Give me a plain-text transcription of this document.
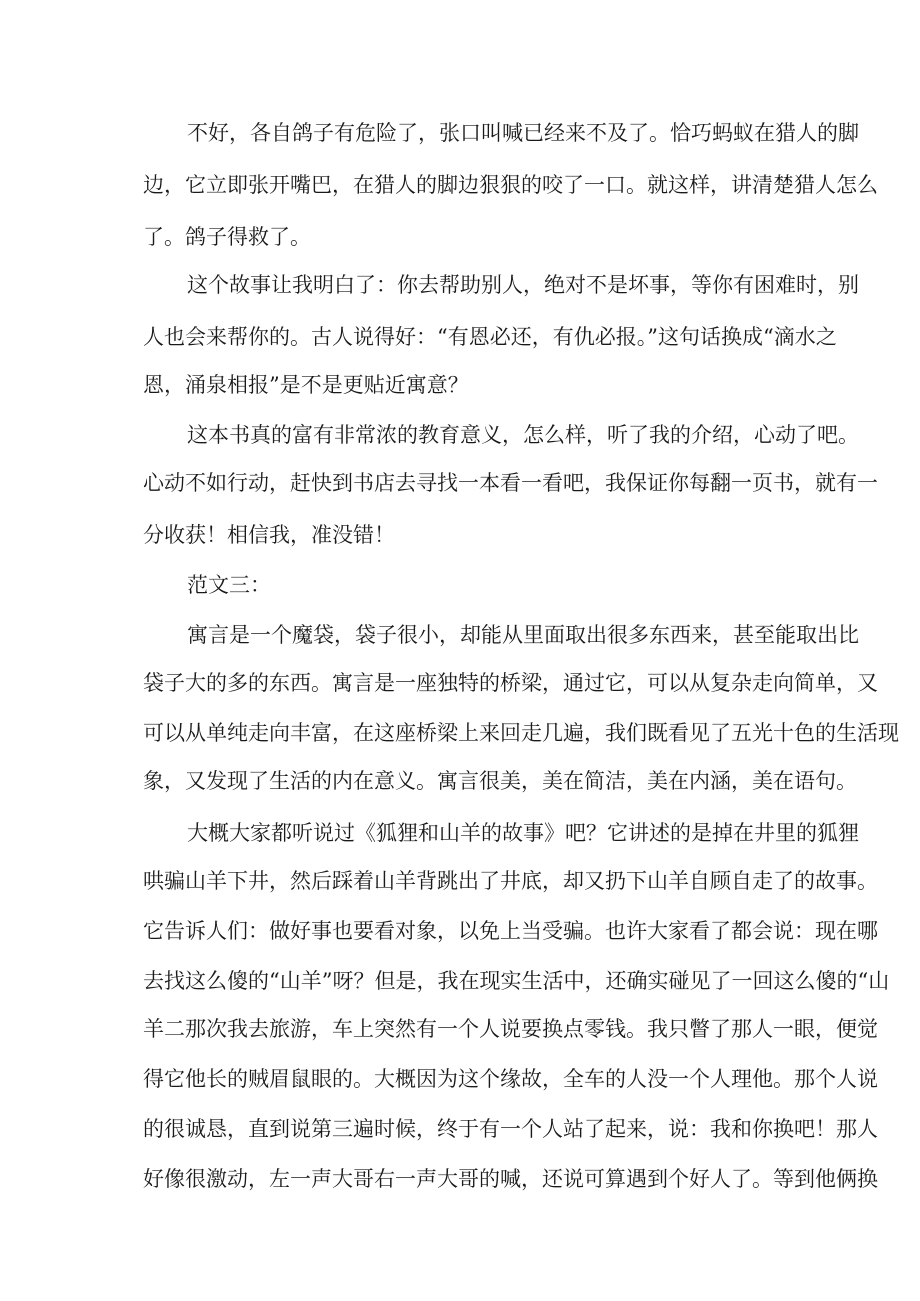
不好，各自鸽子有危险了，张口叫喊已经来不及了。恰巧蚂蚁在猎人的脚
边，它立即张开嘴巴，在猎人的脚边狠狠的咬了一口。就这样，讲清楚猎人怎么
了。鸽子得救了。
这个故事让我明白了：你去帮助别人，绝对不是坏事，等你有困难时，别
人也会来帮你的。古人说得好：“有恩必还，有仇必报。”这句话换成“滴水之
恩，涌泉相报”是不是更贴近寓意？
这本书真的富有非常浓的教育意义，怎么样，听了我的介绍，心动了吧。
心动不如行动，赶快到书店去寻找一本看一看吧，我保证你每翻一页书，就有一
分收获！相信我，准没错！
范文三：
寓言是一个魔袋，袋子很小，却能从里面取出很多东西来，甚至能取出比
袋子大的多的东西。寓言是一座独特的桥梁，通过它，可以从复杂走向简单，又
可以从单纯走向丰富，在这座桥梁上来回走几遍，我们既看见了五光十色的生活现
象，又发现了生活的内在意义。寓言很美，美在简洁，美在内涵，美在语句。
大概大家都听说过《狐狸和山羊的故事》吧？它讲述的是掉在井里的狐狸
哄骗山羊下井，然后踩着山羊背跳出了井底，却又扔下山羊自顾自走了的故事。
它告诉人们：做好事也要看对象，以免上当受骗。也许大家看了都会说：现在哪
去找这么傻的“山羊”呀？但是，我在现实生活中，还确实碰见了一回这么傻的“山
羊二那次我去旅游，车上突然有一个人说要换点零钱。我只瞥了那人一眼，便觉
得它他长的贼眉鼠眼的。大概因为这个缘故，全车的人没一个人理他。那个人说
的很诚恳，直到说第三遍时候，终于有一个人站了起来，说：我和你换吧！那人
好像很激动，左一声大哥右一声大哥的喊，还说可算遇到个好人了。等到他俩换
